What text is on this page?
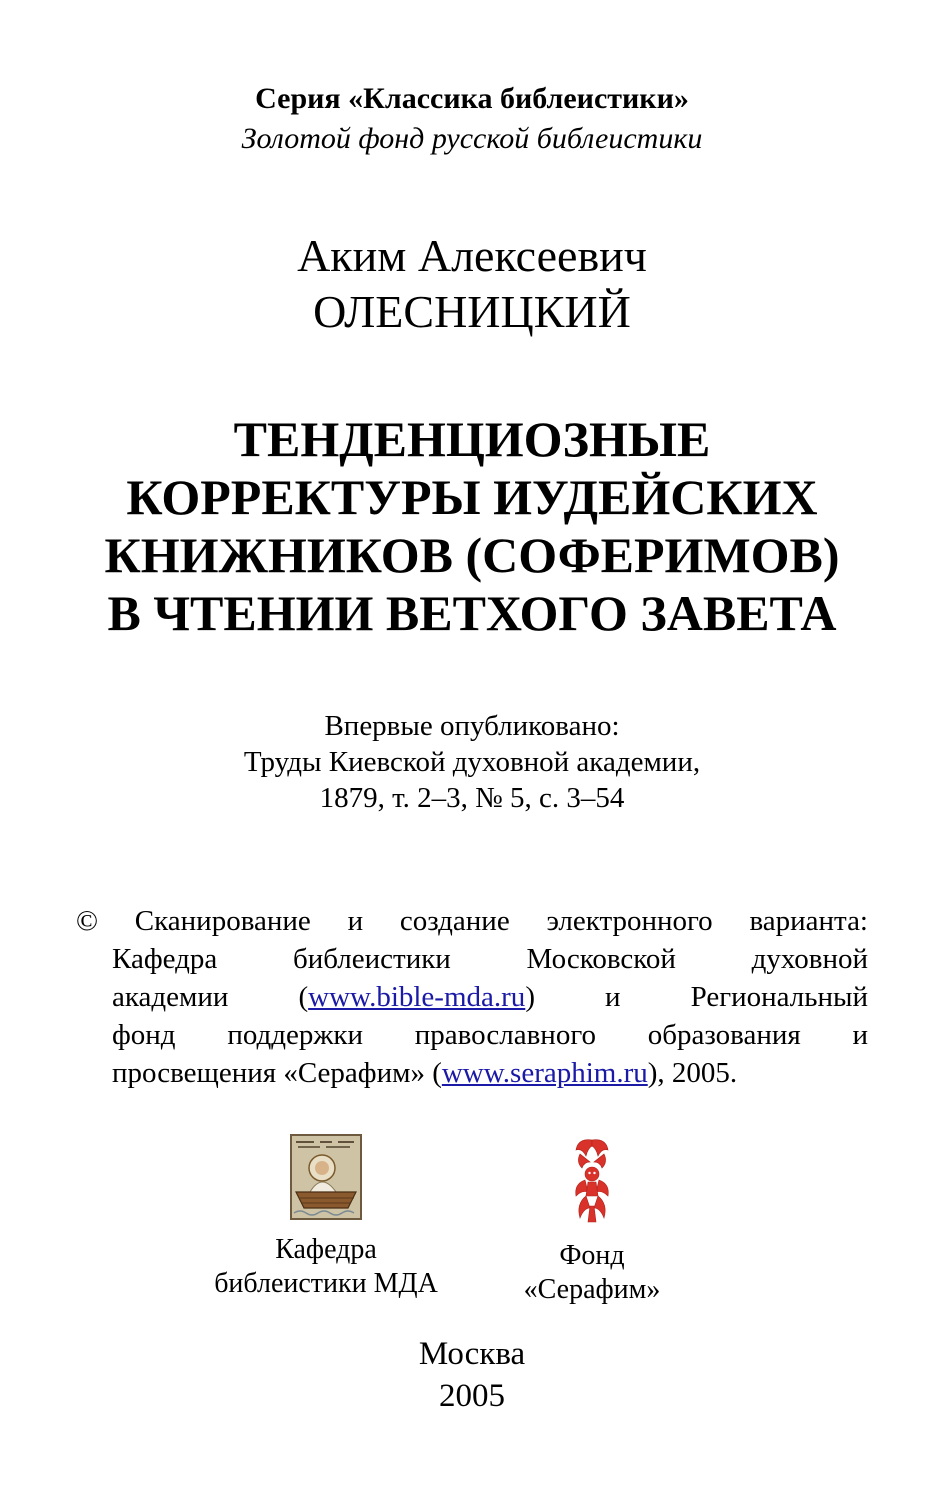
Серия «Классика библеистики»
Золотой фонд русской библеистики
Аким Алексеевич
ОЛЕСНИЦКИЙ
ТЕНДЕНЦИОЗНЫЕ
КОРРЕКТУРЫ ИУДЕЙСКИХ
КНИЖНИКОВ (СОФЕРИМОВ)
В ЧТЕНИИ ВЕТХОГО ЗАВЕТА
Впервые опубликовано:
Труды Киевской духовной академии,
1879, т. 2–3, № 5, с. 3–54
© Сканирование и создание электронного варианта:
Кафедра библеистики Московской духовной
академии (www.bible-mda.ru) и Региональный
фонд поддержки православного образования и
просвещения «Серафим» (www.seraphim.ru), 2005.
Кафедра
библеистики МДА
Фонд
«Серафим»
Москва
2005
